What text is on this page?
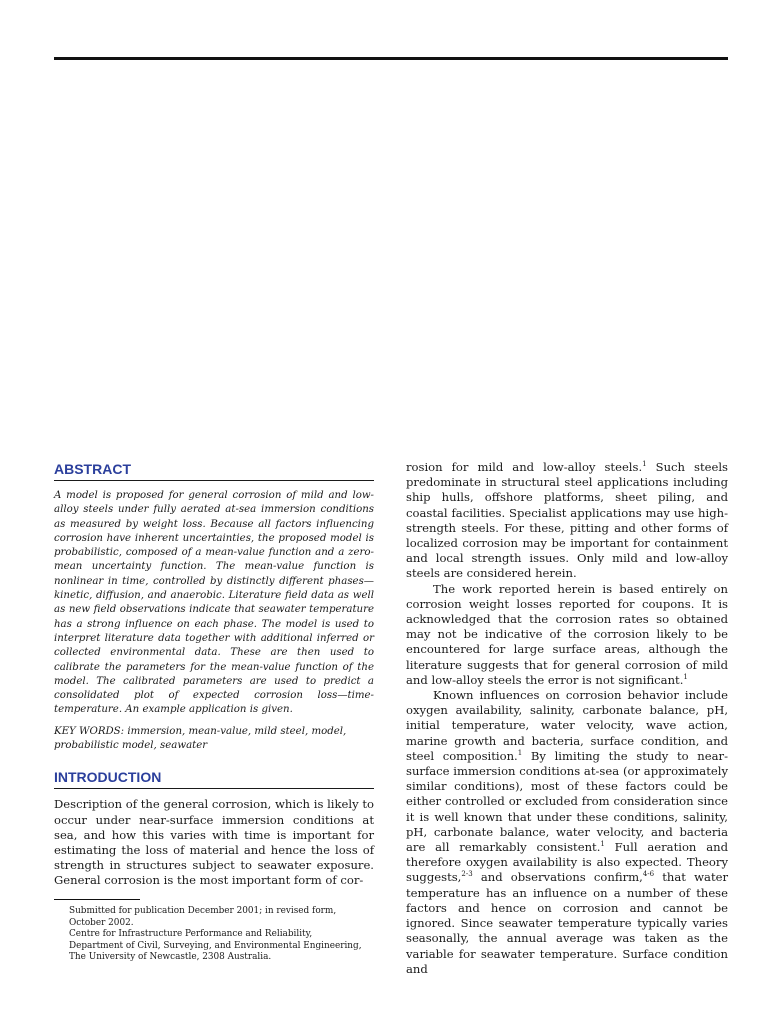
ABSTRACT

A model is proposed for general corrosion of mild and low-alloy steels under fully aerated at-sea immersion conditions as measured by weight loss. Because all factors influencing corrosion have inherent uncertainties, the proposed model is probabilistic, composed of a mean-value function and a zero-mean uncertainty function. The mean-value function is nonlinear in time, controlled by distinctly different phases—kinetic, diffusion, and anaerobic. Literature field data as well as new field observations indicate that seawater temperature has a strong influence on each phase. The model is used to interpret literature data together with additional inferred or collected environmental data. These are then used to calibrate the parameters for the mean-value function of the model. The calibrated parameters are used to predict a consolidated plot of expected corrosion loss—time-temperature. An example application is given.

KEY WORDS: immersion, mean-value, mild steel, model, probabilistic model, seawater

INTRODUCTION

Description of the general corrosion, which is likely to occur under near-surface immersion conditions at sea, and how this varies with time is important for estimating the loss of material and hence the loss of strength in structures subject to seawater exposure. General corrosion is the most important form of cor-

Submitted for publication December 2001; in revised form, October 2002.

Centre for Infrastructure Performance and Reliability, Department of Civil, Surveying, and Environmental Engineering, The University of Newcastle, 2308 Australia.

rosion for mild and low-alloy steels.$^1$ Such steels predominate in structural steel applications including ship hulls, offshore platforms, sheet piling, and coastal facilities. Specialist applications may use high-strength steels. For these, pitting and other forms of localized corrosion may be important for containment and local strength issues. Only mild and low-alloy steels are considered herein.

The work reported herein is based entirely on corrosion weight losses reported for coupons. It is acknowledged that the corrosion rates so obtained may not be indicative of the corrosion likely to be encountered for large surface areas, although the literature suggests that for general corrosion of mild and low-alloy steels the error is not significant.$^1$

Known influences on corrosion behavior include oxygen availability, salinity, carbonate balance, pH, initial temperature, water velocity, wave action, marine growth and bacteria, surface condition, and steel composition.$^1$ By limiting the study to near-surface immersion conditions at-sea (or approximately similar conditions), most of these factors could be either controlled or excluded from consideration since it is well known that under these conditions, salinity, pH, carbonate balance, water velocity, and bacteria are all remarkably consistent.$^1$ Full aeration and therefore oxygen availability is also expected. Theory suggests,$^{2-3}$ and observations confirm,$^{4-6}$ that water temperature has an influence on a number of these factors and hence on corrosion and cannot be ignored. Since seawater temperature typically varies seasonally, the annual average was taken as the variable for seawater temperature. Surface condition and
